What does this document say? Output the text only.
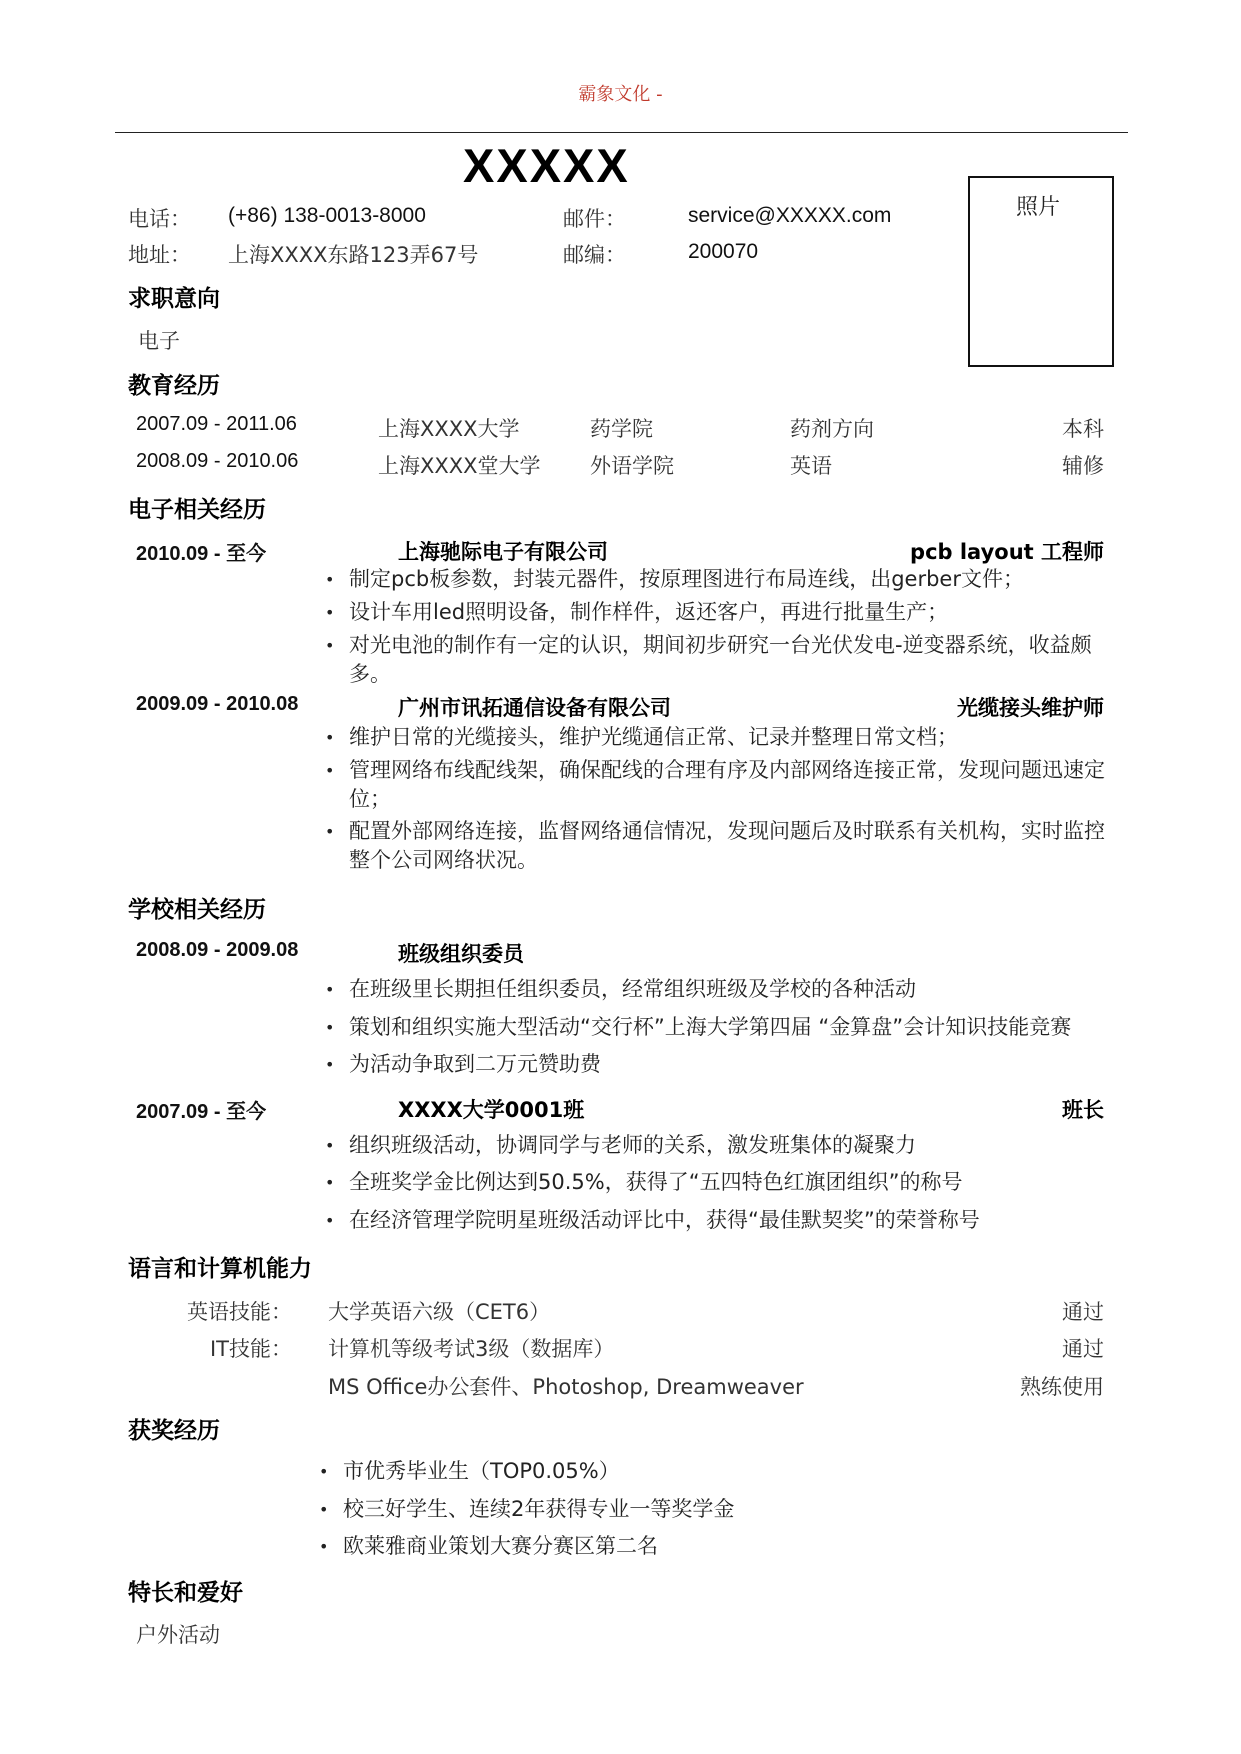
霸象文化 -
XXXXX
照片
电话： (+86) 138-0013-8000	邮件：	service@XXXXX.com
地址： 上海XXXX东路123弄67号	邮编：	200070
求职意向
电子
教育经历
2007.09 - 2011.06	上海XXXX大学	药学院	药剂方向	本科
2008.09 - 2010.06	上海XXXX堂大学 外语学院	英语	辅修
电子相关经历
2010.09 - 至今	上海驰际电子有限公司	pcb layout 工程师
• 制定pcb板参数，封装元器件，按原理图进行布局连线，出gerber文件；
• 设计车用led照明设备，制作样件，返还客户，再进行批量生产；
• 对光电池的制作有一定的认识，期间初步研究一台光伏发电-逆变器系统，收益颇多。
2009.09 - 2010.08	广州市讯拓通信设备有限公司	光缆接头维护师
• 维护日常的光缆接头，维护光缆通信正常、记录并整理日常文档；
• 管理网络布线配线架，确保配线的合理有序及内部网络连接正常，发现问题迅速定位；
• 配置外部网络连接，监督网络通信情况，发现问题后及时联系有关机构，实时监控整个公司网络状况。
学校相关经历
2008.09 - 2009.08	班级组织委员
• 在班级里长期担任组织委员，经常组织班级及学校的各种活动
• 策划和组织实施大型活动“交行杯”上海大学第四届 “金算盘”会计知识技能竞赛
• 为活动争取到二万元赞助费
2007.09 - 至今	XXXX大学0001班	班长
• 组织班级活动，协调同学与老师的关系，激发班集体的凝聚力
• 全班奖学金比例达到50.5%，获得了“五四特色红旗团组织”的称号
• 在经济管理学院明星班级活动评比中，获得“最佳默契奖”的荣誉称号
语言和计算机能力
英语技能： 大学英语六级（CET6）	通过
IT技能： 计算机等级考试3级（数据库）	通过
MS Office办公套件、Photoshop, Dreamweaver	熟练使用
获奖经历
• 市优秀毕业生（TOP0.05%）
• 校三好学生、连续2年获得专业一等奖学金
• 欧莱雅商业策划大赛分赛区第二名
特长和爱好
户外活动
